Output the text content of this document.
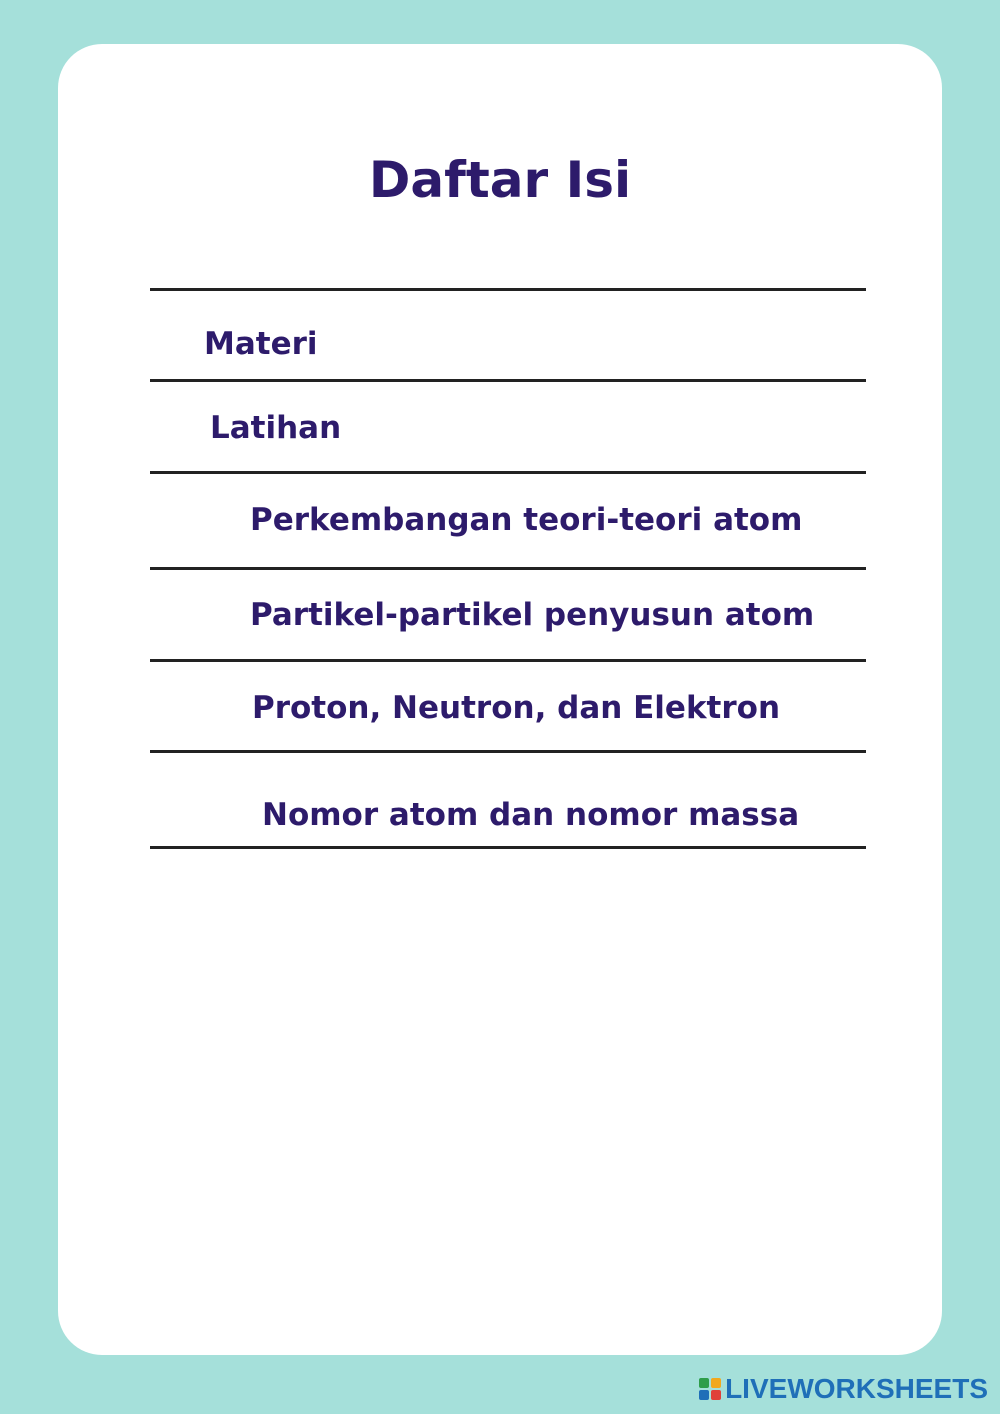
Daftar Isi
Materi
Latihan
Perkembangan teori-teori atom
Partikel-partikel penyusun atom
Proton, Neutron, dan Elektron
Nomor atom dan nomor massa
LIVEWORKSHEETS
